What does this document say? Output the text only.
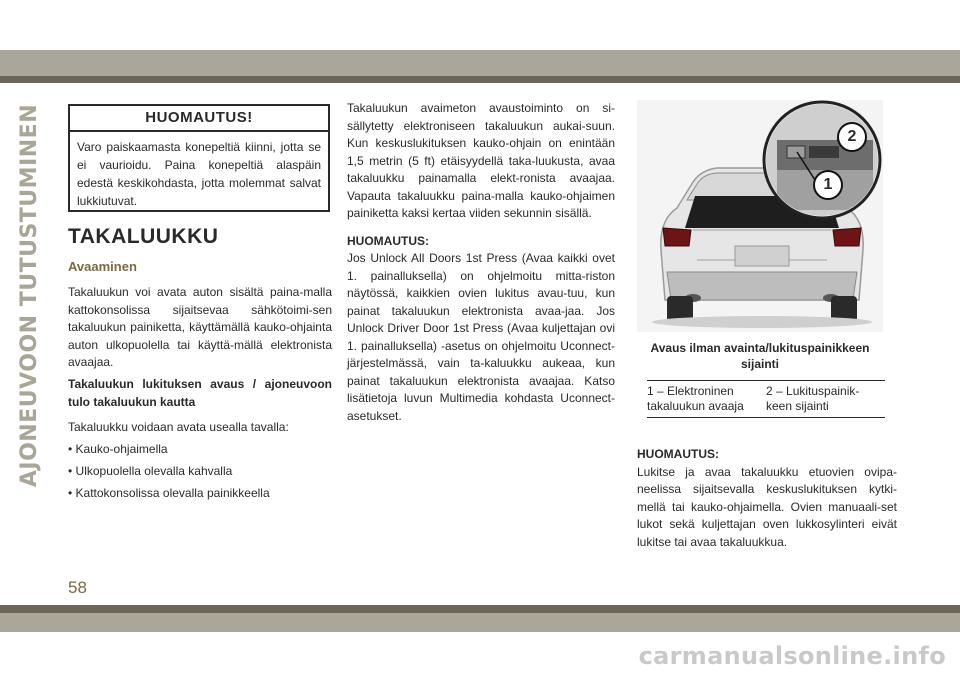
AJONEUVOON TUTUSTUMINEN	HUOMAUTUS!
Varo paiskaamasta konepeltiä kiinni, jotta se ei vaurioidu. Paina konepeltiä alaspäin edestä keskikohdasta, jotta molemmat salvat lukkiutuvat.
TAKALUUKKU
Avaaminen

Takaluukun voi avata auton sisältä paina-malla kattokonsolissa sijaitsevaa sähkötoimi-sen takaluukun painiketta, käyttämällä kauko-ohjainta auton ulkopuolella tai käyttä-mällä elektronista avaajaa.

Takaluukun lukituksen avaus / ajoneuvoon tulo takaluukun kautta

Takaluukku voidaan avata usealla tavalla:

• Kauko-ohjaimella
• Ulkopuolella olevalla kahvalla
• Kattokonsolissa olevalla painikkeella

Takaluukun avaimeton avaustoiminto on si-sällytetty elektroniseen takaluukun aukai-suun. Kun keskuslukituksen kauko-ohjain on enintään 1,5 metrin (5 ft) etäisyydellä taka-luukusta, avaa takaluukku painamalla elekt-ronista avaajaa. Vapauta takaluukku paina-malla kauko-ohjaimen painiketta kaksi kertaa viiden sekunnin sisällä.

HUOMAUTUS:

Jos Unlock All Doors 1st Press (Avaa kaikki ovet 1. painalluksella) on ohjelmoitu mitta-riston näytössä, kaikkien ovien lukitus avau-tuu, kun painat takaluukun elektronista avaa-jaa. Jos Unlock Driver Door 1st Press (Avaa kuljettajan ovi 1. painalluksella) -asetus on ohjelmoitu Uconnect-järjestelmässä, vain ta-kaluukku aukeaa, kun painat takaluukun elektronista avaajaa. Katso lisätietoja luvun Multimedia kohdasta Uconnect-asetukset.

2
1
Avaus ilman avainta/lukituspainikkeen sijainti
1 – Elektroninen takaluukun avaaja
2 – Lukituspainik-keen sijainti

HUOMAUTUS:

Lukitse ja avaa takaluukku etuovien ovipa-neelissa sijaitsevalla keskuslukituksen kytki-mellä tai kauko-ohjaimella. Ovien manuaali-set lukot sekä kuljettajan oven lukkosylinteri eivät lukitse tai avaa takaluukkua.

58
carmanualsonline.info
